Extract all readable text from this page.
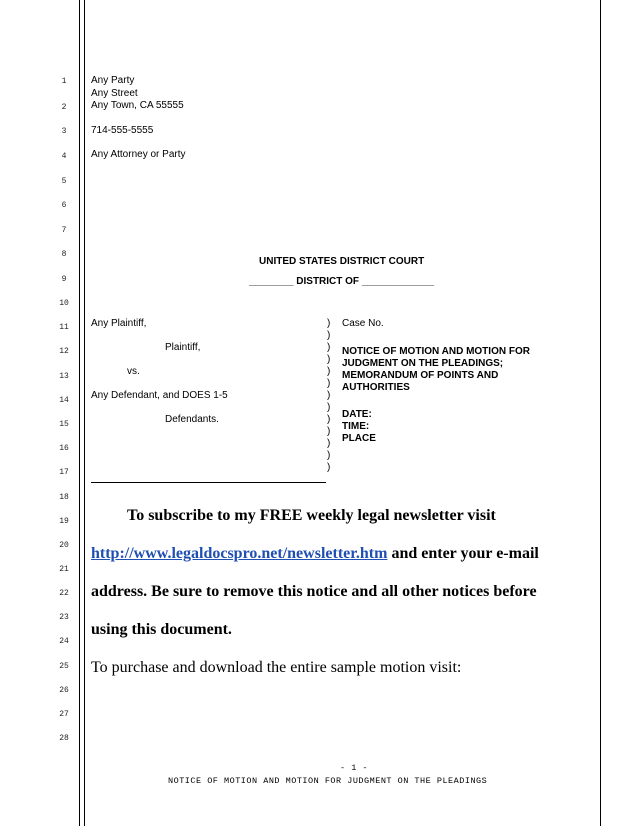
1
2
3
4
5
6
7
8
9
10
11
12
13
14
15
16
17
18
19
20
21
22
23
24
25
26
27
28
Any Party
Any Street
Any Town, CA 55555
714-555-5555
Any Attorney or Party
UNITED STATES DISTRICT COURT
________ DISTRICT OF _____________
Any Plaintiff,
Plaintiff,
vs.
Any Defendant, and DOES 1-5
Defendants.
)
)
)
)
)
)
)
)
)
)
)
)
)
Case No.
NOTICE OF MOTION AND MOTION FOR
JUDGMENT ON THE PLEADINGS;
MEMORANDUM OF POINTS AND
AUTHORITIES
DATE:
TIME:
PLACE
To subscribe to my FREE weekly legal newsletter visit
http://www.legaldocspro.net/newsletter.htm and enter your e-mail
address. Be sure to remove this notice and all other notices before
using this document.
To purchase and download the entire sample motion visit:
- 1 -
NOTICE OF MOTION AND MOTION FOR JUDGMENT ON THE PLEADINGS
